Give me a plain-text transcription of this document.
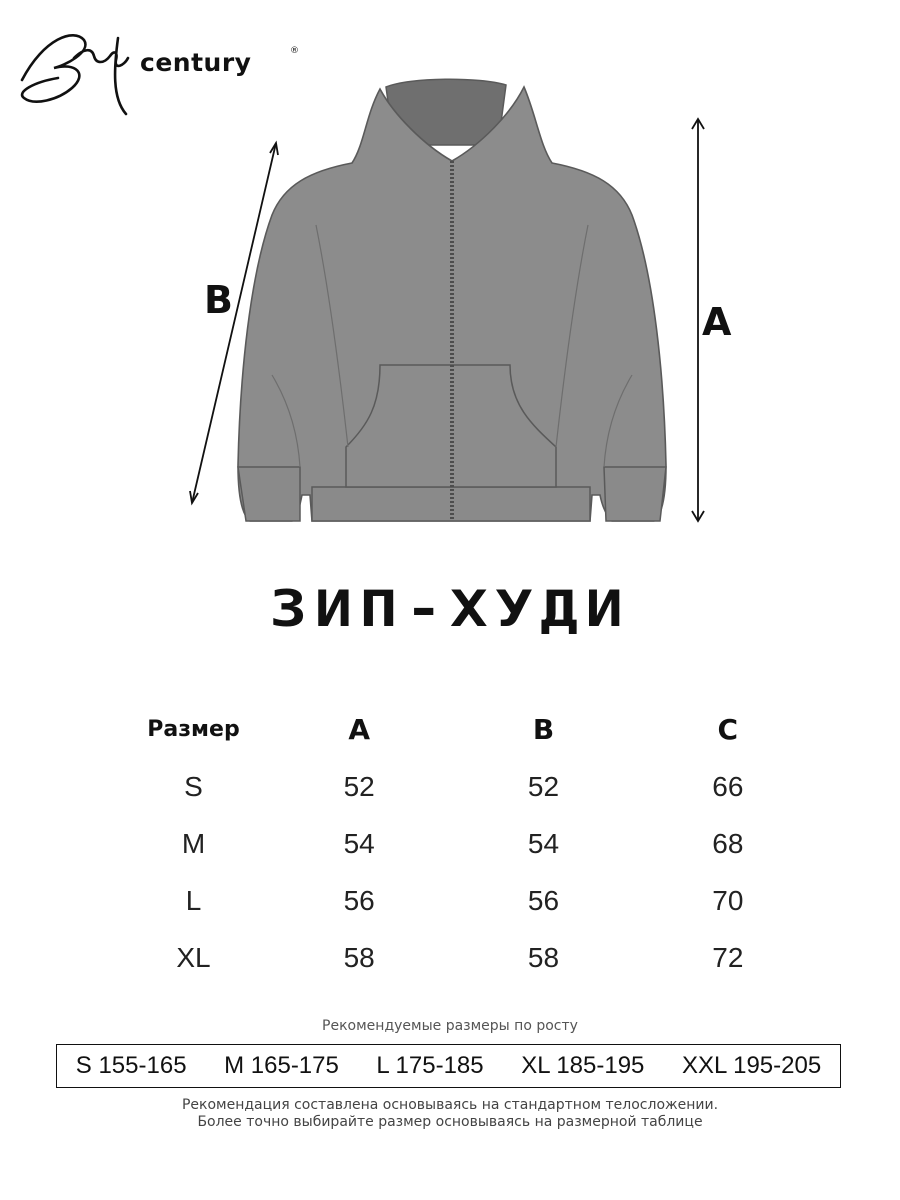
century	®
B	A
ЗИП-ХУДИ
Размер	A	B	C
S	52	52	66
M	54	54	68
L	56	56	70
XL	58	58	72
Рекомендуемые размеры по росту
S 155-165 M 165-175 L 175-185 XL 185-195 XXL 195-205
Рекомендация составлена основываясь на стандартном телосложении.
Более точно выбирайте размер основываясь на размерной таблице
